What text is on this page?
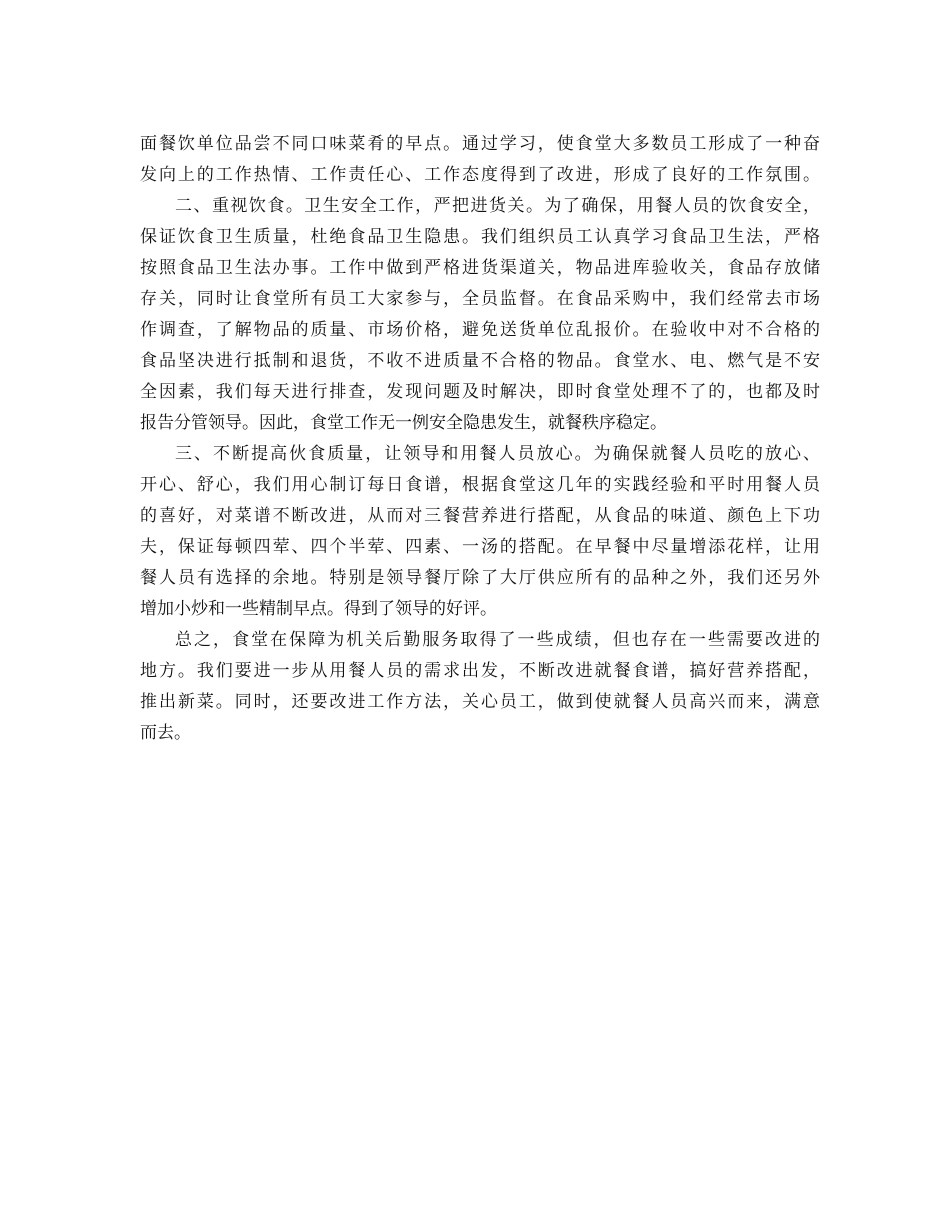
面餐饮单位品尝不同口味菜肴的早点。通过学习，使食堂大多数员工形成了一种奋
发向上的工作热情、工作责任心、工作态度得到了改进，形成了良好的工作氛围。
二、重视饮食。卫生安全工作，严把进货关。为了确保，用餐人员的饮食安全，
保证饮食卫生质量，杜绝食品卫生隐患。我们组织员工认真学习食品卫生法，严格
按照食品卫生法办事。工作中做到严格进货渠道关，物品进库验收关，食品存放储
存关，同时让食堂所有员工大家参与，全员监督。在食品采购中，我们经常去市场
作调查，了解物品的质量、市场价格，避免送货单位乱报价。在验收中对不合格的
食品坚决进行抵制和退货，不收不进质量不合格的物品。食堂水、电、燃气是不安
全因素，我们每天进行排查，发现问题及时解决，即时食堂处理不了的，也都及时
报告分管领导。因此，食堂工作无一例安全隐患发生，就餐秩序稳定。
三、不断提高伙食质量，让领导和用餐人员放心。为确保就餐人员吃的放心、
开心、舒心，我们用心制订每日食谱，根据食堂这几年的实践经验和平时用餐人员
的喜好，对菜谱不断改进，从而对三餐营养进行搭配，从食品的味道、颜色上下功
夫，保证每顿四荤、四个半荤、四素、一汤的搭配。在早餐中尽量增添花样，让用
餐人员有选择的余地。特别是领导餐厅除了大厅供应所有的品种之外，我们还另外
增加小炒和一些精制早点。得到了领导的好评。
总之，食堂在保障为机关后勤服务取得了一些成绩，但也存在一些需要改进的
地方。我们要进一步从用餐人员的需求出发，不断改进就餐食谱，搞好营养搭配，
推出新菜。同时，还要改进工作方法，关心员工，做到使就餐人员高兴而来，满意
而去。
